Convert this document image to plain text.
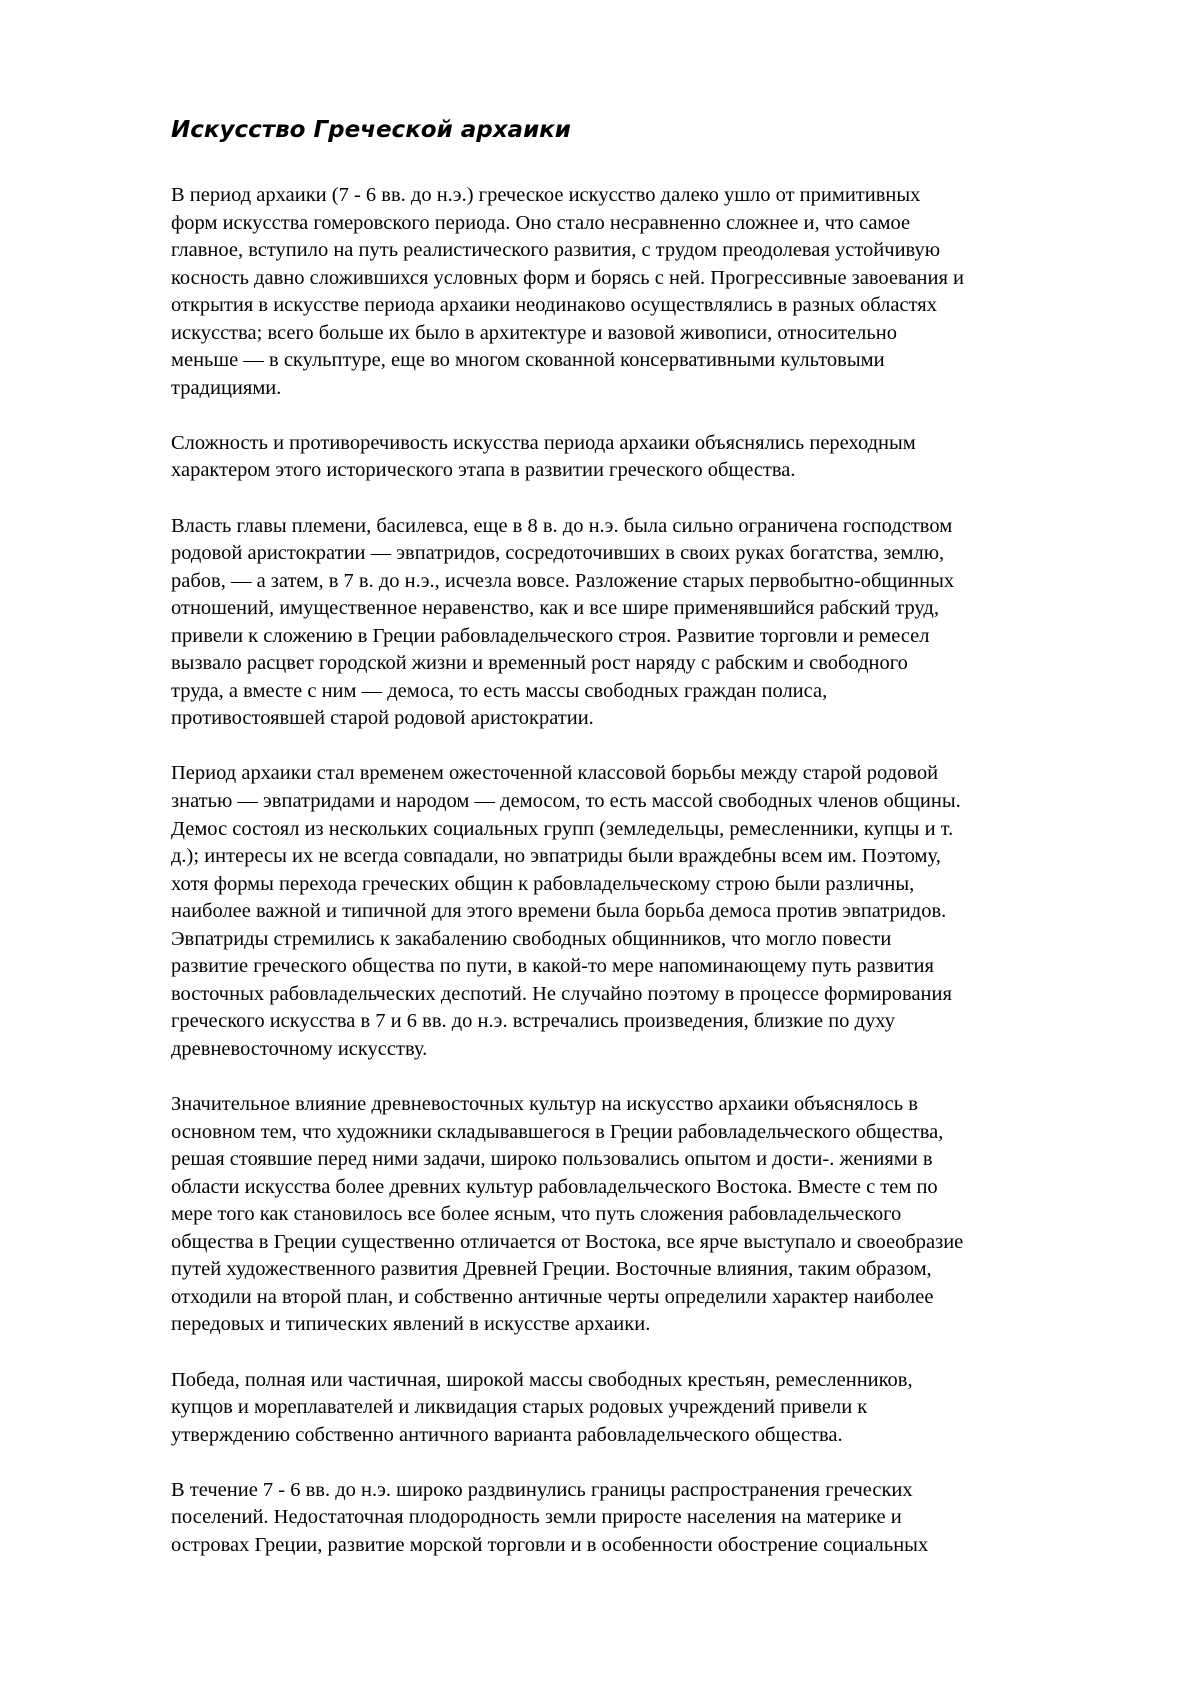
Искусство Греческой архаики

В период архаики (7 - 6 вв. до н.э.) греческое искусство далеко ушло от примитивных
форм искусства гомеровского периода. Оно стало несравненно сложнее и, что самое
главное, вступило на путь реалистического развития, с трудом преодолевая устойчивую
косность давно сложившихся условных форм и борясь с ней. Прогрессивные завоевания и
открытия в искусстве периода архаики неодинаково осуществлялись в разных областях
искусства; всего больше их было в архитектуре и вазовой живописи, относительно
меньше — в скульптуре, еще во многом скованной консервативными культовыми
традициями.

Сложность и противоречивость искусства периода архаики объяснялись переходным
характером этого исторического этапа в развитии греческого общества.

Власть главы племени, басилевса, еще в 8 в. до н.э. была сильно ограничена господством
родовой аристократии — эвпатридов, сосредоточивших в своих руках богатства, землю,
рабов, — а затем, в 7 в. до н.э., исчезла вовсе. Разложение старых первобытно-общинных
отношений, имущественное неравенство, как и все шире применявшийся рабский труд,
привели к сложению в Греции рабовладельческого строя. Развитие торговли и ремесел
вызвало расцвет городской жизни и временный рост наряду с рабским и свободного
труда, а вместе с ним — демоса, то есть массы свободных граждан полиса,
противостоявшей старой родовой аристократии.

Период архаики стал временем ожесточенной классовой борьбы между старой родовой
знатью — эвпатридами и народом — демосом, то есть массой свободных членов общины.
Демос состоял из нескольких социальных групп (земледельцы, ремесленники, купцы и т.
д.); интересы их не всегда совпадали, но эвпатриды были враждебны всем им. Поэтому,
хотя формы перехода греческих общин к рабовладельческому строю были различны,
наиболее важной и типичной для этого времени была борьба демоса против эвпатридов.
Эвпатриды стремились к закабалению свободных общинников, что могло повести
развитие греческого общества по пути, в какой-то мере напоминающему путь развития
восточных рабовладельческих деспотий. Не случайно поэтому в процессе формирования
греческого искусства в 7 и 6 вв. до н.э. встречались произведения, близкие по духу
древневосточному искусству.

Значительное влияние древневосточных культур на искусство архаики объяснялось в
основном тем, что художники складывавшегося в Греции рабовладельческого общества,
решая стоявшие перед ними задачи, широко пользовались опытом и дости-. жениями в
области искусства более древних культур рабовладельческого Востока. Вместе с тем по
мере того как становилось все более ясным, что путь сложения рабовладельческого
общества в Греции существенно отличается от Востока, все ярче выступало и своеобразие
путей художественного развития Древней Греции. Восточные влияния, таким образом,
отходили на второй план, и собственно античные черты определили характер наиболее
передовых и типических явлений в искусстве архаики.

Победа, полная или частичная, широкой массы свободных крестьян, ремесленников,
купцов и мореплавателей и ликвидация старых родовых учреждений привели к
утверждению собственно античного варианта рабовладельческого общества.

В течение 7 - 6 вв. до н.э. широко раздвинулись границы распространения греческих
поселений. Недостаточная плодородность земли приросте населения на материке и
островах Греции, развитие морской торговли и в особенности обострение социальных
